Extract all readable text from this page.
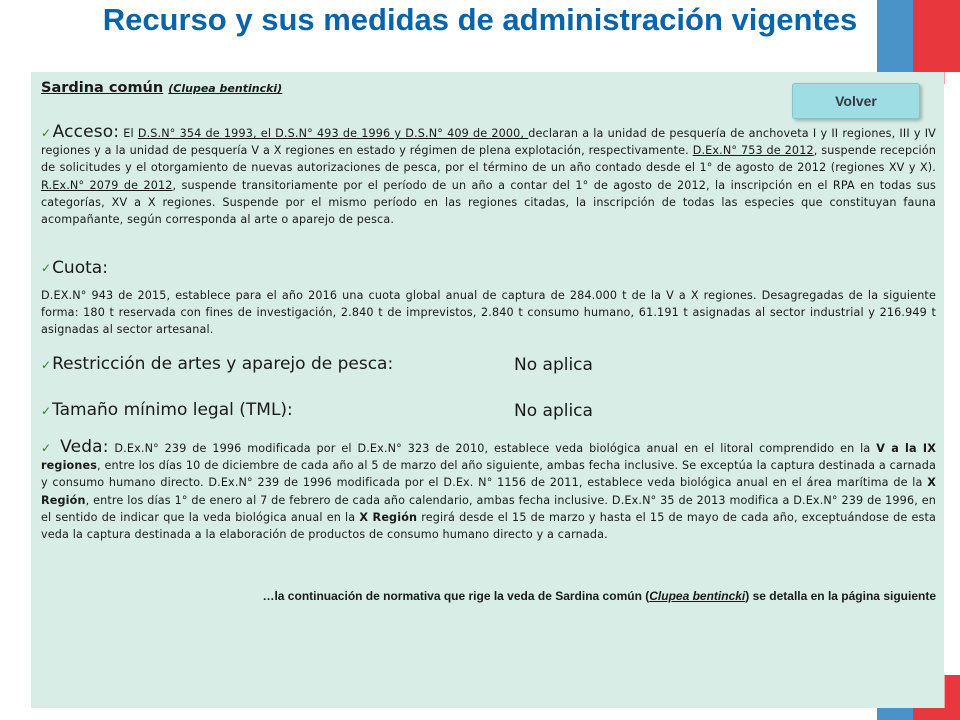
Recurso y sus medidas de administración vigentes

Sardina común (Clupea bentincki)

✓Acceso: El D.S.N° 354 de 1993, el D.S.N° 493 de 1996 y D.S.N° 409 de 2000, declaran a la unidad de pesquería de anchoveta I y II regiones, III y IV regiones y a la unidad de pesquería V a X regiones en estado y régimen de plena explotación, respectivamente. D.Ex.N° 753 de 2012, suspende recepción de solicitudes y el otorgamiento de nuevas autorizaciones de pesca, por el término de un año contado desde el 1° de agosto de 2012 (regiones XV y X). R.Ex.N° 2079 de 2012, suspende transitoriamente por el período de un año a contar del 1° de agosto de 2012, la inscripción en el RPA en todas sus categorías, XV a X regiones. Suspende por el mismo período en las regiones citadas, la inscripción de todas las especies que constituyan fauna acompañante, según corresponda al arte o aparejo de pesca.

✓ Cuota:

D.EX.N° 943 de 2015, establece para el año 2016 una cuota global anual de captura de 284.000 t de la V a X regiones. Desagregadas de la siguiente forma: 180 t reservada con fines de investigación, 2.840 t de imprevistos, 2.840 t consumo humano, 61.191 t asignadas al sector industrial y 216.949 t asignadas al sector artesanal.

✓Restricción de artes y aparejo de pesca:	No aplica
✓Tamaño mínimo legal (TML):	No aplica

✓ Veda: D.Ex.N° 239 de 1996 modificada por el D.Ex.N° 323 de 2010, establece veda biológica anual en el litoral comprendido en la V a la IX regiones, entre los días 10 de diciembre de cada año al 5 de marzo del año siguiente, ambas fecha inclusive. Se exceptúa la captura destinada a carnada y consumo humano directo. D.Ex.N° 239 de 1996 modificada por el D.Ex. N° 1156 de 2011, establece veda biológica anual en el área marítima de la X Región, entre los días 1° de enero al 7 de febrero de cada año calendario, ambas fecha inclusive. D.Ex.N° 35 de 2013 modifica a D.Ex.N° 239 de 1996, en el sentido de indicar que la veda biológica anual en la X Región regirá desde el 15 de marzo y hasta el 15 de mayo de cada año, exceptuándose de esta veda la captura destinada a la elaboración de productos de consumo humano directo y a carnada.

…la continuación de normativa que rige la veda de Sardina común (Clupea bentincki) se detalla en la página siguiente
Volver
